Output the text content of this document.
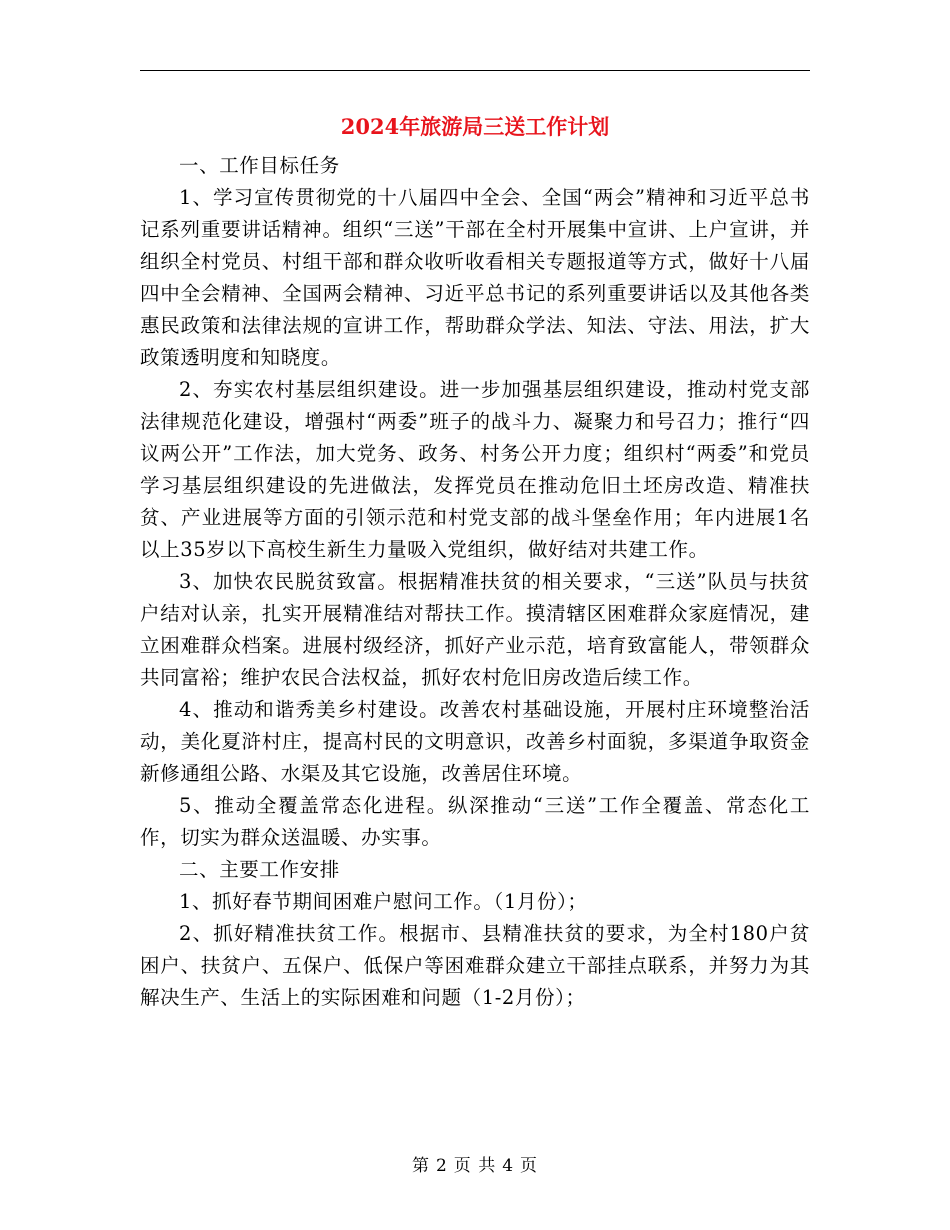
2024年旅游局三送工作计划

一、工作目标任务

1、学习宣传贯彻党的十八届四中全会、全国“两会”精神和习近平总书记系列重要讲话精神。组织“三送”干部在全村开展集中宣讲、上户宣讲，并组织全村党员、村组干部和群众收听收看相关专题报道等方式，做好十八届四中全会精神、全国两会精神、习近平总书记的系列重要讲话以及其他各类惠民政策和法律法规的宣讲工作，帮助群众学法、知法、守法、用法，扩大政策透明度和知晓度。

2、夯实农村基层组织建设。进一步加强基层组织建设，推动村党支部法律规范化建设，增强村“两委”班子的战斗力、凝聚力和号召力；推行“四议两公开”工作法，加大党务、政务、村务公开力度；组织村“两委”和党员学习基层组织建设的先进做法，发挥党员在推动危旧土坯房改造、精准扶贫、产业进展等方面的引领示范和村党支部的战斗堡垒作用；年内进展1名以上35岁以下高校生新生力量吸入党组织，做好结对共建工作。

3、加快农民脱贫致富。根据精准扶贫的相关要求，“三送”队员与扶贫户结对认亲，扎实开展精准结对帮扶工作。摸清辖区困难群众家庭情况，建立困难群众档案。进展村级经济，抓好产业示范，培育致富能人，带领群众共同富裕；维护农民合法权益，抓好农村危旧房改造后续工作。

4、推动和谐秀美乡村建设。改善农村基础设施，开展村庄环境整治活动，美化夏浒村庄，提高村民的文明意识，改善乡村面貌，多渠道争取资金新修通组公路、水渠及其它设施，改善居住环境。

5、推动全覆盖常态化进程。纵深推动“三送”工作全覆盖、常态化工作，切实为群众送温暖、办实事。

二、主要工作安排

1、抓好春节期间困难户慰问工作。（1月份）；

2、抓好精准扶贫工作。根据市、县精准扶贫的要求，为全村180户贫困户、扶贫户、五保户、低保户等困难群众建立干部挂点联系，并努力为其解决生产、生活上的实际困难和问题（1-2月份）；

第 2 页 共 4 页
